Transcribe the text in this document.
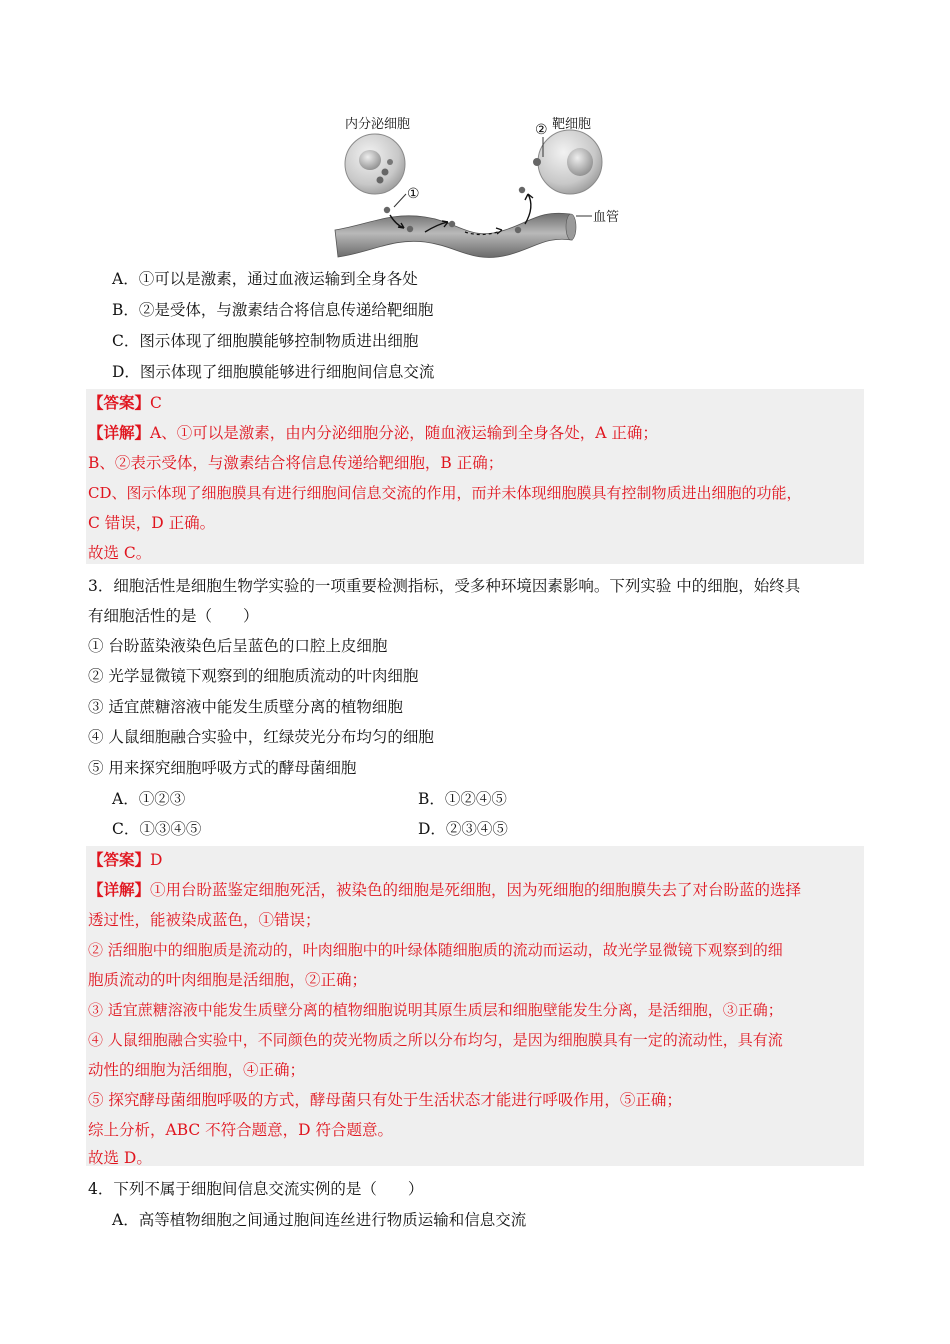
内分泌细胞	靶细胞
②
①
血管
A．①可以是激素，通过血液运输到全身各处
B．②是受体，与激素结合将信息传递给靶细胞
C．图示体现了细胞膜能够控制物质进出细胞
D．图示体现了细胞膜能够进行细胞间信息交流
【答案】C
【详解】A、①可以是激素，由内分泌细胞分泌，随血液运输到全身各处，A 正确；
B、②表示受体，与激素结合将信息传递给靶细胞，B 正确；
CD、图示体现了细胞膜具有进行细胞间信息交流的作用，而并未体现细胞膜具有控制物质进出细胞的功能，
C 错误，D 正确。
故选 C。
3．细胞活性是细胞生物学实验的一项重要检测指标，受多种环境因素影响。下列实验 中的细胞，始终具
有细胞活性的是（　　）
① 台盼蓝染液染色后呈蓝色的口腔上皮细胞
② 光学显微镜下观察到的细胞质流动的叶肉细胞
③ 适宜蔗糖溶液中能发生质壁分离的植物细胞
④ 人鼠细胞融合实验中，红绿荧光分布均匀的细胞
⑤ 用来探究细胞呼吸方式的酵母菌细胞
A．①②③	B．①②④⑤
C．①③④⑤	D．②③④⑤
【答案】D
【详解】①用台盼蓝鉴定细胞死活，被染色的细胞是死细胞，因为死细胞的细胞膜失去了对台盼蓝的选择
透过性，能被染成蓝色，①错误；
② 活细胞中的细胞质是流动的，叶肉细胞中的叶绿体随细胞质的流动而运动，故光学显微镜下观察到的细
胞质流动的叶肉细胞是活细胞，②正确；
③ 适宜蔗糖溶液中能发生质壁分离的植物细胞说明其原生质层和细胞壁能发生分离，是活细胞，③正确；
④ 人鼠细胞融合实验中，不同颜色的荧光物质之所以分布均匀，是因为细胞膜具有一定的流动性，具有流
动性的细胞为活细胞，④正确；
⑤ 探究酵母菌细胞呼吸的方式，酵母菌只有处于生活状态才能进行呼吸作用，⑤正确；
综上分析，ABC 不符合题意，D 符合题意。
故选 D。
4．下列不属于细胞间信息交流实例的是（　　）
A．高等植物细胞之间通过胞间连丝进行物质运输和信息交流
